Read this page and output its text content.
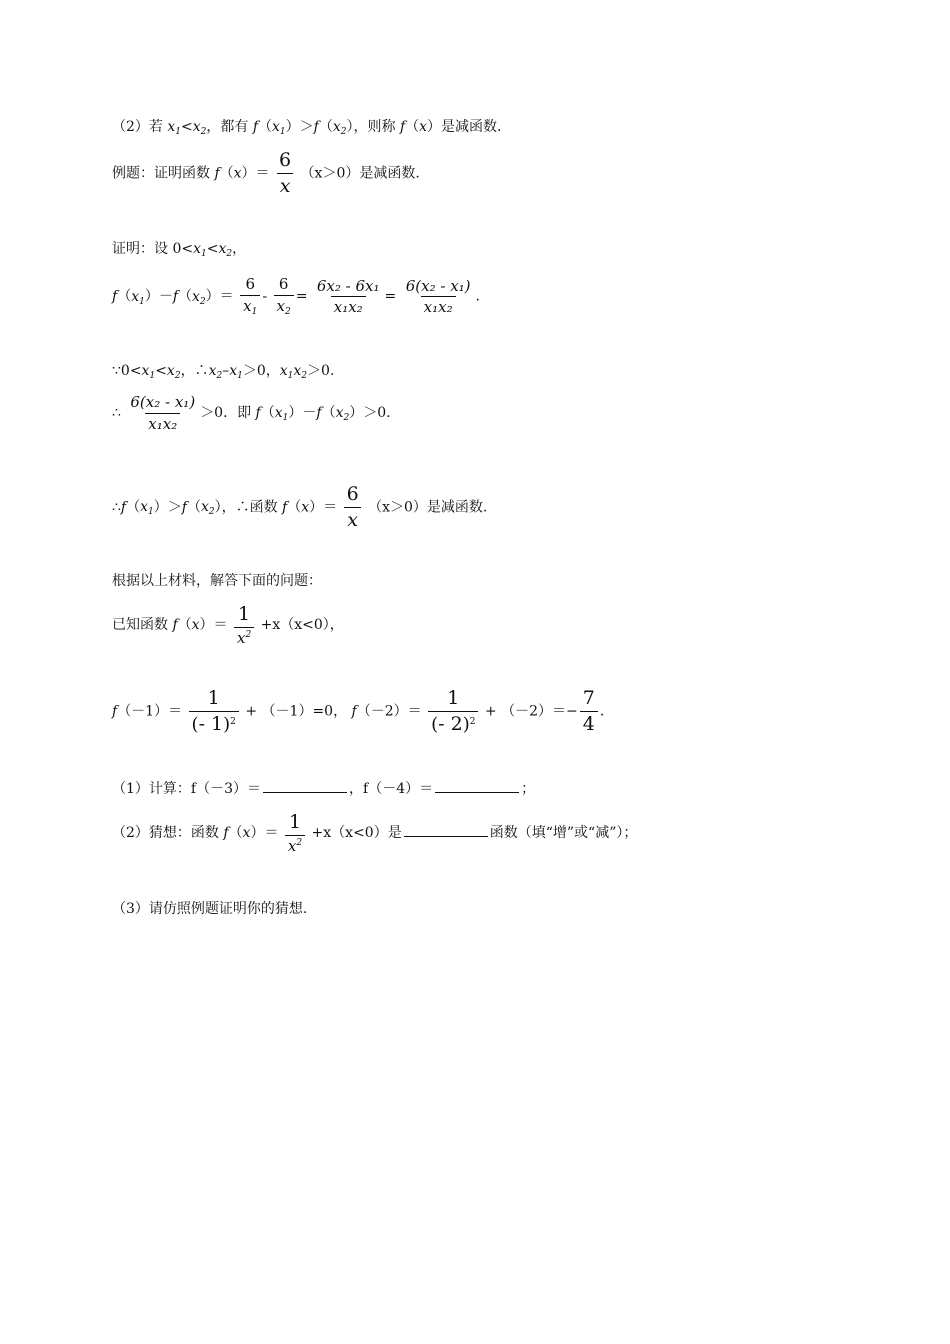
（2）若 $x_1<x_2$，都有 $f(x_1)>f(x_2)$，则称 f（x）是减函数.
例题：证明函数 $f(x)= \frac{6}{x} (x>0)$是减函数.
证明：设 $0<x_1<x_2$，
$f(x_1)-f(x_2)= \frac{6}{x_1} - \frac{6}{x_2} = \frac{\text{6x₂ - 6x₁}}{\text{x₁x₂}} = \frac{\text{6(x₂ - x₁)}}{\text{x₁x₂}}$ .
$\because 0<x_1<x_2$，$\therefore x_2-x_1>0$，$x_1x_2>0$.
∴ $\frac{\text{6(x₂ - x₁)}}{\text{x₁x₂}} >0$．即 $f(x_1)-f(x_2)>0$.
$\therefore f(x_1)>f(x_2)$，∴函数 $f(x)= \frac{6}{x} (x>0)$是减函数.
根据以上材料，解答下面的问题：
已知函数 $f(x)= \frac{1}{x^2} +x(x<0)$，
$f(-1)= \frac{1}{(- 1)^2} + (-1)=0$， $f(-2)= \frac{1}{(- 2)^2} + (-2)=- \frac{7}{4}$ .
（1）计算：f（－3）＝	，f（－4）＝	；
（2）猜想：函数 $f(x)= \frac{1}{x^2} +x(x<0)$是	函数（填“增”或“减”）；
（3）请仿照例题证明你的猜想.
